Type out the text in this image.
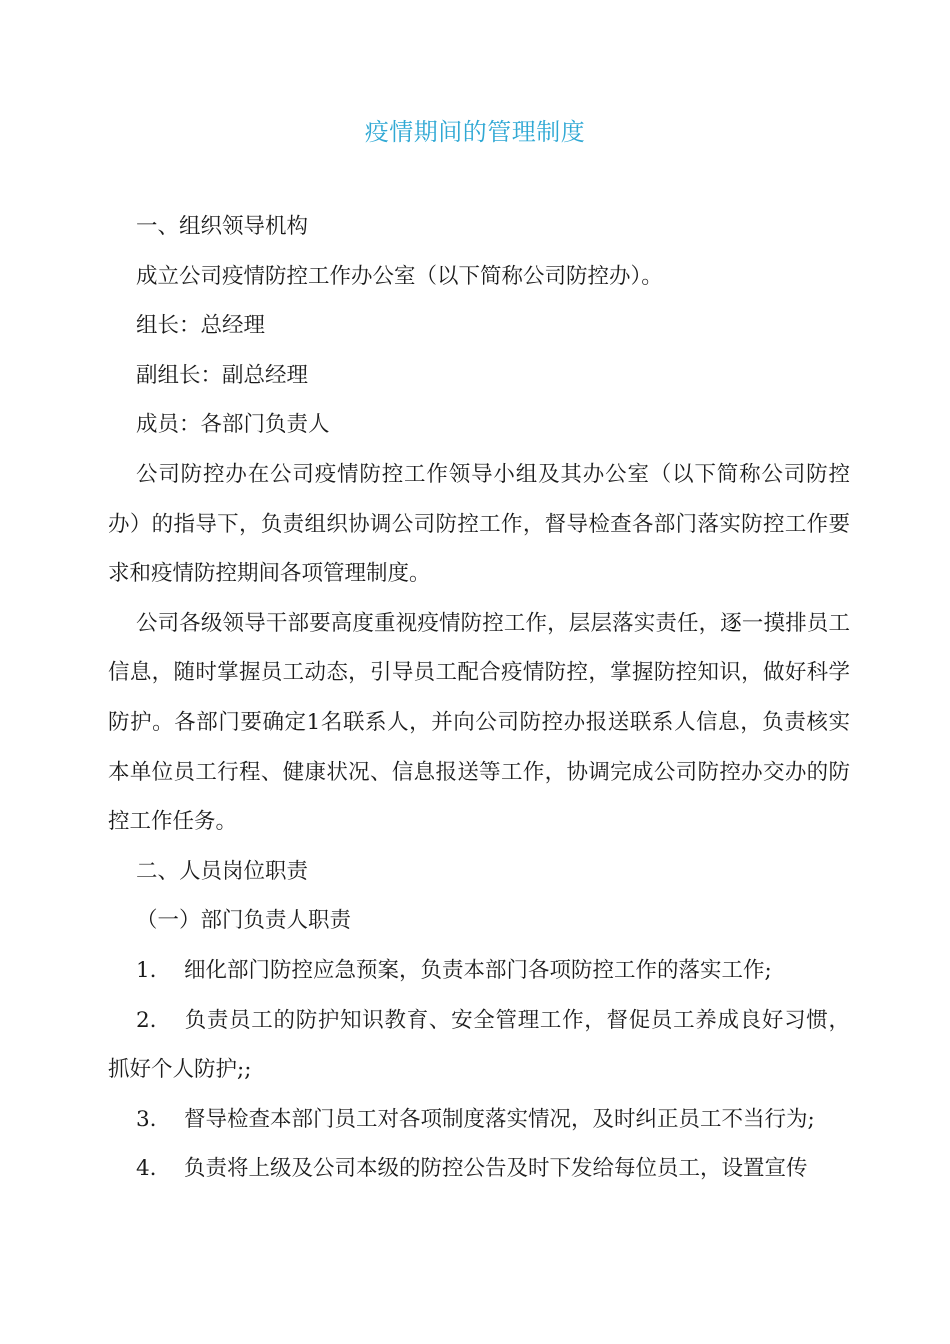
疫情期间的管理制度

一、组织领导机构

成立公司疫情防控工作办公室（以下简称公司防控办）。

组长：总经理

副组长：副总经理

成员：各部门负责人

公司防控办在公司疫情防控工作领导小组及其办公室（以下简称公司防控办）的指导下，负责组织协调公司防控工作，督导检查各部门落实防控工作要求和疫情防控期间各项管理制度。

公司各级领导干部要高度重视疫情防控工作，层层落实责任，逐一摸排员工信息，随时掌握员工动态，引导员工配合疫情防控，掌握防控知识，做好科学防护。各部门要确定1名联系人，并向公司防控办报送联系人信息，负责核实本单位员工行程、健康状况、信息报送等工作，协调完成公司防控办交办的防控工作任务。

二、人员岗位职责

（一）部门负责人职责

1. 细化部门防控应急预案，负责本部门各项防控工作的落实工作;

2. 负责员工的防护知识教育、安全管理工作，督促员工养成良好习惯，抓好个人防护;;

3. 督导检查本部门员工对各项制度落实情况，及时纠正员工不当行为;

4. 负责将上级及公司本级的防控公告及时下发给每位员工，设置宣传
